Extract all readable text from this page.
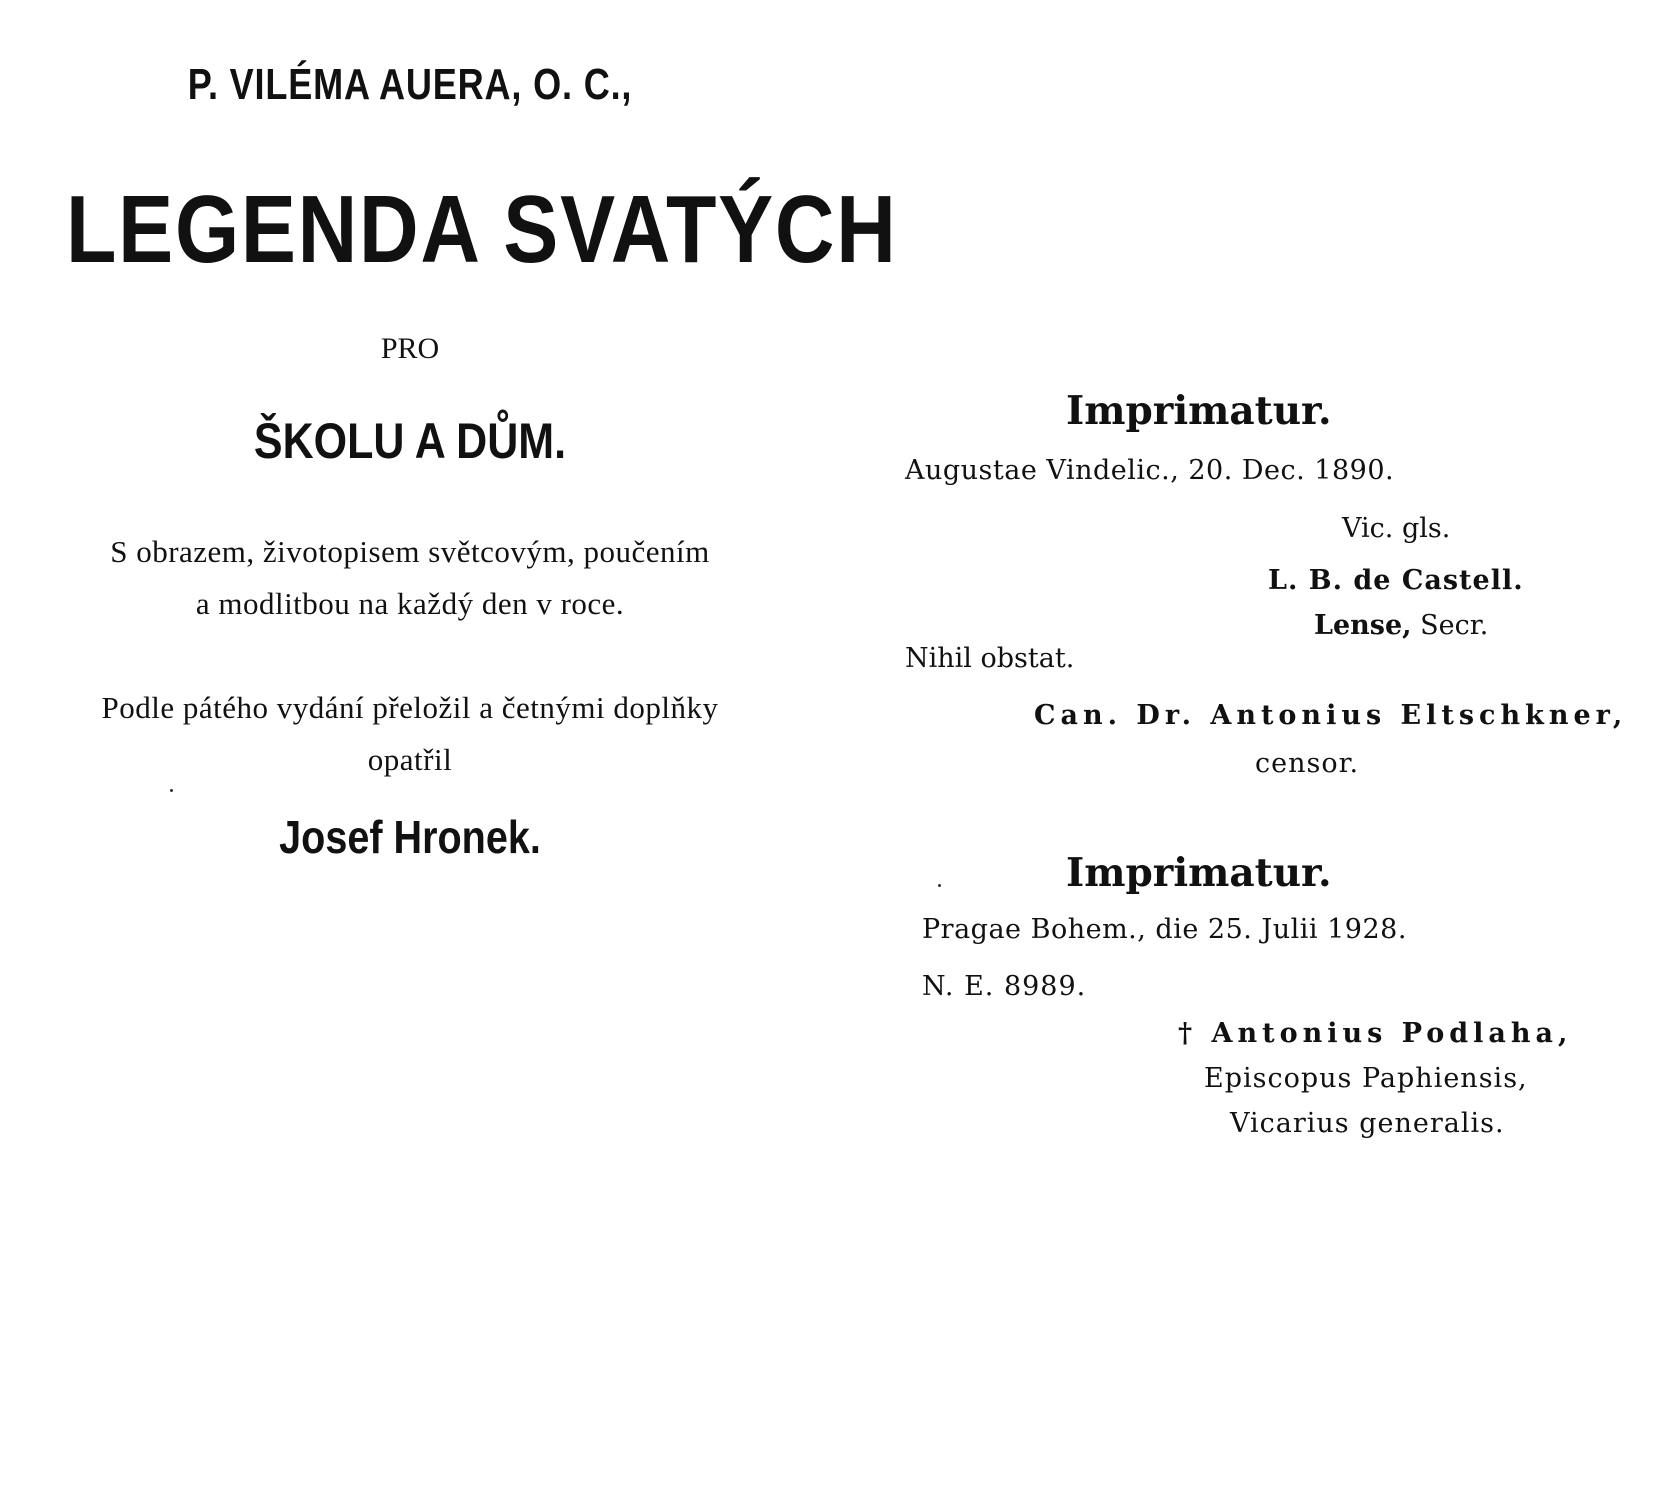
P. VILÉMA AUERA, O. C.,
LEGENDA SVATÝCH
PRO
ŠKOLU A DŮM.
S obrazem, životopisem světcovým, poučením
a modlitbou na každý den v roce.
Podle pátého vydání přeložil a četnými doplňky
opatřil
Josef Hronek.
Imprimatur.
Augustae Vindelic., 20. Dec. 1890.
Vic. gls.
L. B. de Castell.
Lense, Secr.
Nihil obstat.
Can. Dr. Antonius Eltschkner,
censor.
Imprimatur.
Pragae Bohem., die 25. Julii 1928.
N. E. 8989.
† Antonius Podlaha,
Episcopus Paphiensis,
Vicarius generalis.
